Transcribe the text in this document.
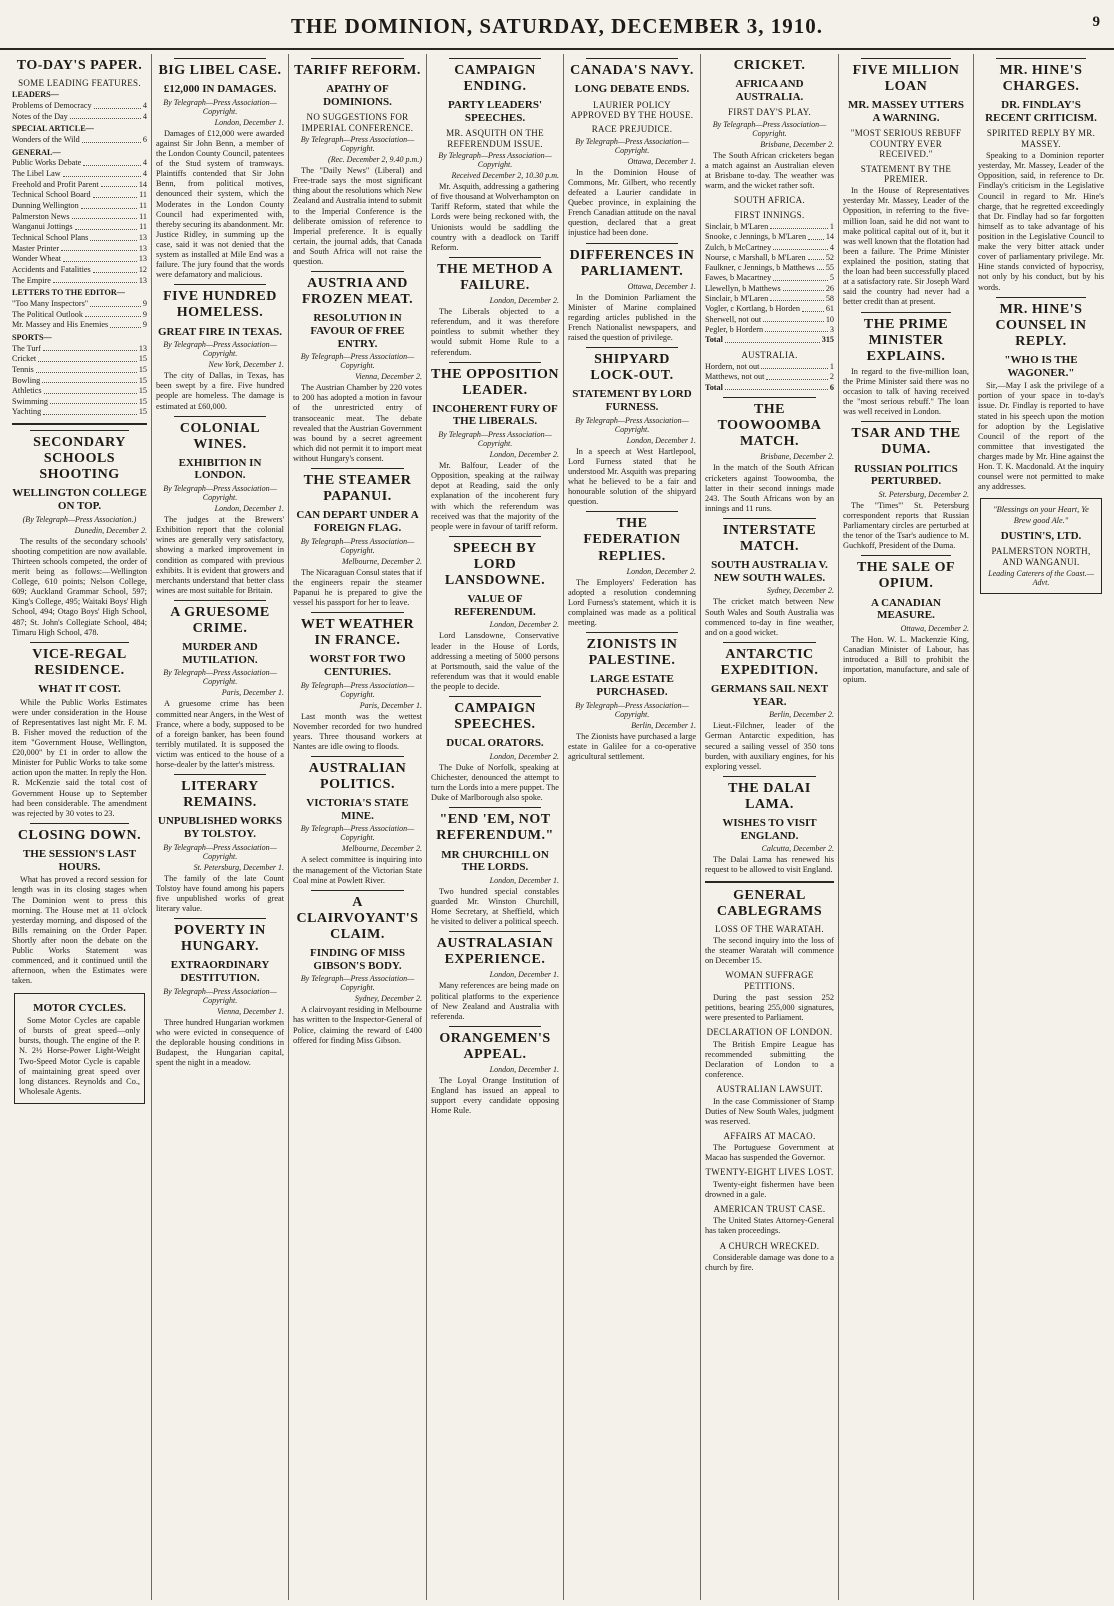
THE DOMINION, SATURDAY, DECEMBER 3, 1910.	9
TO-DAY'S PAPER.
SOME LEADING FEATURES.
LEADERS—
Problems of Democracy	4
Notes of the Day	4
SPECIAL ARTICLE—
Wonders of the Wild	6
GENERAL—
Public Works Debate	4
The Libel Law	4
Freehold and Profit Parent	14
Technical School Board	11
Dunning Wellington	11
Palmerston News	11
Wanganui Jottings	11
Technical School Plans	13
Master Printer	13
Wonder Wheat	13
Accidents and Fatalities	12
The Empire	13
LETTERS TO THE EDITOR—
"Too Many Inspectors"	9
The Political Outlook	9
Mr. Massey and His Enemies	9
SPORTS—
The Turf	13
Cricket	15
Tennis	15
Bowling	15
Athletics	15
Swimming	15
Yachting	15
SECONDARY SCHOOLS SHOOTING
WELLINGTON COLLEGE ON TOP.
(By Telegraph—Press Association.)
Dunedin, December 2.
The results of the secondary schools' shooting competition are now available. Thirteen schools competed, the order of merit being as follows:—Wellington College, 610 points; Nelson College, 609; Auckland Grammar School, 597; King's College, 495; Waitaki Boys' High School, 494; Otago Boys' High School, 487; St. John's Collegiate School, 484; Timaru High School, 478.
VICE-REGAL RESIDENCE.
WHAT IT COST.
While the Public Works Estimates were under consideration in the House of Representatives last night Mr. F. M. B. Fisher moved the reduction of the item "Government House, Wellington, £20,000" by £1 in order to allow the Minister for Public Works to take some action upon the matter. In reply the Hon. R. McKenzie said the total cost of Government House up to September had been considerable. The amendment was rejected by 30 votes to 23.
CLOSING DOWN.
THE SESSION'S LAST HOURS.
What has proved a record session for length was in its closing stages when The Dominion went to press this morning. The House met at 11 o'clock yesterday morning, and disposed of the Bills remaining on the Order Paper. Shortly after noon the debate on the Public Works Statement was commenced, and it continued until the afternoon, when the Estimates were taken.
MOTOR CYCLES.
Some Motor Cycles are capable of bursts of great speed—only bursts, though. The engine of the P. N. 2½ Horse-Power Light-Weight Two-Speed Motor Cycle is capable of maintaining great speed over long distances. Reynolds and Co., Wholesale Agents.
BIG LIBEL CASE.
£12,000 IN DAMAGES.
By Telegraph—Press Association—Copyright.
London, December 1.
Damages of £12,000 were awarded against Sir John Benn, a member of the London County Council, patentees of the Stud system of tramways. Plaintiffs contended that Sir John Benn, from political motives, denounced their system, which the Moderates in the London County Council had experimented with, thereby securing its abandonment. Mr. Justice Ridley, in summing up the case, said it was not denied that the system as installed at Mile End was a failure. The jury found that the words were defamatory and malicious.
FIVE HUNDRED HOMELESS.
GREAT FIRE IN TEXAS.
By Telegraph—Press Association—Copyright.
New York, December 1.
The city of Dallas, in Texas, has been swept by a fire. Five hundred people are homeless. The damage is estimated at £60,000.
COLONIAL WINES.
EXHIBITION IN LONDON.
By Telegraph—Press Association—Copyright.
London, December 1.
The judges at the Brewers' Exhibition report that the colonial wines are generally very satisfactory, showing a marked improvement in condition as compared with previous exhibits. It is evident that growers and merchants understand that better class wines are most suitable for Britain.
A GRUESOME CRIME.
MURDER AND MUTILATION.
By Telegraph—Press Association—Copyright.
Paris, December 1.
A gruesome crime has been committed near Angers, in the West of France, where a body, supposed to be of a foreign banker, has been found terribly mutilated. It is supposed the victim was enticed to the house of a horse-dealer by the latter's mistress.
LITERARY REMAINS.
UNPUBLISHED WORKS BY TOLSTOY.
By Telegraph—Press Association—Copyright.
St. Petersburg, December 1.
The family of the late Count Tolstoy have found among his papers five unpublished works of great literary value.
POVERTY IN HUNGARY.
EXTRAORDINARY DESTITUTION.
By Telegraph—Press Association—Copyright.
Vienna, December 1.
Three hundred Hungarian workmen who were evicted in consequence of the deplorable housing conditions in Budapest, the Hungarian capital, spent the night in a meadow.
TARIFF REFORM.
APATHY OF DOMINIONS.
NO SUGGESTIONS FOR IMPERIAL CONFERENCE.
By Telegraph—Press Association—Copyright.
(Rec. December 2, 9.40 p.m.)
The "Daily News" (Liberal) and Free-trade says the most significant thing about the resolutions which New Zealand and Australia intend to submit to the Imperial Conference is the deliberate omission of reference to Imperial preference. It is equally certain, the journal adds, that Canada and South Africa will not raise the question.
AUSTRIA AND FROZEN MEAT.
RESOLUTION IN FAVOUR OF FREE ENTRY.
By Telegraph—Press Association—Copyright.
Vienna, December 2.
The Austrian Chamber by 220 votes to 200 has adopted a motion in favour of the unrestricted entry of transoceanic meat. The debate revealed that the Austrian Government was bound by a secret agreement which did not permit it to import meat without Hungary's consent.
THE STEAMER PAPANUI.
CAN DEPART UNDER A FOREIGN FLAG.
By Telegraph—Press Association—Copyright.
Melbourne, December 2.
The Nicaraguan Consul states that if the engineers repair the steamer Papanui he is prepared to give the vessel his passport for her to leave.
WET WEATHER IN FRANCE.
WORST FOR TWO CENTURIES.
By Telegraph—Press Association—Copyright.
Paris, December 1.
Last month was the wettest November recorded for two hundred years. Three thousand workers at Nantes are idle owing to floods.
AUSTRALIAN POLITICS.
VICTORIA'S STATE MINE.
By Telegraph—Press Association—Copyright.
Melbourne, December 2.
A select committee is inquiring into the management of the Victorian State Coal mine at Powlett River.
A CLAIRVOYANT'S CLAIM.
FINDING OF MISS GIBSON'S BODY.
By Telegraph—Press Association—Copyright.
Sydney, December 2.
A clairvoyant residing in Melbourne has written to the Inspector-General of Police, claiming the reward of £400 offered for finding Miss Gibson.
CAMPAIGN ENDING.
PARTY LEADERS' SPEECHES.
MR. ASQUITH ON THE REFERENDUM ISSUE.
By Telegraph—Press Association—Copyright.
Received December 2, 10.30 p.m.
Mr. Asquith, addressing a gathering of five thousand at Wolverhampton on Tariff Reform, stated that while the Lords were being reckoned with, the Unionists would be saddling the country with a deadlock on Tariff Reform.
THE METHOD A FAILURE.
London, December 2.
The Liberals objected to a referendum, and it was therefore pointless to submit whether they would submit Home Rule to a referendum.
THE OPPOSITION LEADER.
INCOHERENT FURY OF THE LIBERALS.
By Telegraph—Press Association—Copyright.
London, December 2.
Mr. Balfour, Leader of the Opposition, speaking at the railway depot at Reading, said the only explanation of the incoherent fury with which the referendum was received was that the majority of the people were in favour of tariff reform.
SPEECH BY LORD LANSDOWNE.
VALUE OF REFERENDUM.
London, December 2.
Lord Lansdowne, Conservative leader in the House of Lords, addressing a meeting of 5000 persons at Portsmouth, said the value of the referendum was that it would enable the people to decide.
CAMPAIGN SPEECHES.
DUCAL ORATORS.
London, December 2.
The Duke of Norfolk, speaking at Chichester, denounced the attempt to turn the Lords into a mere puppet. The Duke of Marlborough also spoke.
"END 'EM, NOT REFERENDUM."
MR CHURCHILL ON THE LORDS.
London, December 1.
Two hundred special constables guarded Mr. Winston Churchill, Home Secretary, at Sheffield, which he visited to deliver a political speech.
AUSTRALASIAN EXPERIENCE.
London, December 1.
Many references are being made on political platforms to the experience of New Zealand and Australia with referenda.
ORANGEMEN'S APPEAL.
London, December 1.
The Loyal Orange Institution of England has issued an appeal to support every candidate opposing Home Rule.
CANADA'S NAVY.
LONG DEBATE ENDS.
LAURIER POLICY APPROVED BY THE HOUSE.
RACE PREJUDICE.
By Telegraph—Press Association—Copyright.
Ottawa, December 1.
In the Dominion House of Commons, Mr. Gilbert, who recently defeated a Laurier candidate in Quebec province, in explaining the French Canadian attitude on the naval question, declared that a great injustice had been done.
DIFFERENCES IN PARLIAMENT.
Ottawa, December 1.
In the Dominion Parliament the Minister of Marine complained regarding articles published in the French Nationalist newspapers, and raised the question of privilege.
SHIPYARD LOCK-OUT.
STATEMENT BY LORD FURNESS.
By Telegraph—Press Association—Copyright.
London, December 1.
In a speech at West Hartlepool, Lord Furness stated that he understood Mr. Asquith was preparing what he believed to be a fair and honourable solution of the shipyard question.
THE FEDERATION REPLIES.
London, December 2.
The Employers' Federation has adopted a resolution condemning Lord Furness's statement, which it is complained was made as a political meeting.
ZIONISTS IN PALESTINE.
LARGE ESTATE PURCHASED.
By Telegraph—Press Association—Copyright.
Berlin, December 1.
The Zionists have purchased a large estate in Galilee for a co-operative agricultural settlement.
CRICKET.
AFRICA AND AUSTRALIA.
FIRST DAY'S PLAY.
By Telegraph—Press Association—Copyright.
Brisbane, December 2.
The South African cricketers began a match against an Australian eleven at Brisbane to-day. The weather was warm, and the wicket rather soft.
SOUTH AFRICA.
FIRST INNINGS.
Sinclair, b M'Laren	1
Snooke, c Jennings, b M'Laren 14
Zulch, b McCartney	4
Nourse, c Marshall, b M'Laren 52
Faulkner, c Jennings, b Matthews 55
Fawes, b Macartney	5
Llewellyn, b Matthews	26
Sinclair, b M'Laren	58
Vogler, c Kortlang, b Horden	61
Sherwell, not out	10
Pegler, b Hordern	3
Total	315
AUSTRALIA.
Hordern, not out	1
Matthews, not out	2
Total	6
THE TOOWOOMBA MATCH.
Brisbane, December 2.
In the match of the South African cricketers against Toowoomba, the latter in their second innings made 243. The South Africans won by an innings and 11 runs.
INTERSTATE MATCH.
SOUTH AUSTRALIA V. NEW SOUTH WALES.
Sydney, December 2.
The cricket match between New South Wales and South Australia was commenced to-day in fine weather, and on a good wicket.
ANTARCTIC EXPEDITION.
GERMANS SAIL NEXT YEAR.
Berlin, December 2.
Lieut.-Filchner, leader of the German Antarctic expedition, has secured a sailing vessel of 350 tons burden, with auxiliary engines, for his exploring vessel.
THE DALAI LAMA.
WISHES TO VISIT ENGLAND.
Calcutta, December 2.
The Dalai Lama has renewed his request to be allowed to visit England.
GENERAL CABLEGRAMS
LOSS OF THE WARATAH.
The second inquiry into the loss of the steamer Waratah will commence on December 15.
WOMAN SUFFRAGE PETITIONS.
During the past session 252 petitions, bearing 255,000 signatures, were presented to Parliament.
DECLARATION OF LONDON.
The British Empire League has recommended submitting the Declaration of London to a conference.
AUSTRALIAN LAWSUIT.
In the case Commissioner of Stamp Duties of New South Wales, judgment was reserved.
AFFAIRS AT MACAO.
The Portuguese Government at Macao has suspended the Governor.
TWENTY-EIGHT LIVES LOST.
Twenty-eight fishermen have been drowned in a gale.
AMERICAN TRUST CASE.
The United States Attorney-General has taken proceedings.
A CHURCH WRECKED.
Considerable damage was done to a church by fire.
FIVE MILLION LOAN
MR. MASSEY UTTERS A WARNING.
"MOST SERIOUS REBUFF COUNTRY EVER RECEIVED."
STATEMENT BY THE PREMIER.
In the House of Representatives yesterday Mr. Massey, Leader of the Opposition, in referring to the five-million loan, said he did not want to make political capital out of it, but it was well known that the flotation had been a failure. The Prime Minister explained the position, stating that the loan had been successfully placed at a satisfactory rate. Sir Joseph Ward said the country had never had a better credit than at present.
THE PRIME MINISTER EXPLAINS.
In regard to the five-million loan, the Prime Minister said there was no occasion to talk of having received the "most serious rebuff." The loan was well received in London.
TSAR AND THE DUMA.
RUSSIAN POLITICS PERTURBED.
St. Petersburg, December 2.
The "Times'" St. Petersburg correspondent reports that Russian Parliamentary circles are perturbed at the tenor of the Tsar's audience to M. Guchkoff, President of the Duma.
THE SALE OF OPIUM.
A CANADIAN MEASURE.
Ottawa, December 2.
The Hon. W. L. Mackenzie King, Canadian Minister of Labour, has introduced a Bill to prohibit the importation, manufacture, and sale of opium.
MR. HINE'S CHARGES.
DR. FINDLAY'S RECENT CRITICISM.
SPIRITED REPLY BY MR. MASSEY.
Speaking to a Dominion reporter yesterday, Mr. Massey, Leader of the Opposition, said, in reference to Dr. Findlay's criticism in the Legislative Council in regard to Mr. Hine's charge, that he regretted exceedingly that Dr. Findlay had so far forgotten himself as to take advantage of his position in the Legislative Council to make the very bitter attack under cover of parliamentary privilege. Mr. Hine stands convicted of hypocrisy, not only by his conduct, but by his words.
MR. HINE'S COUNSEL IN REPLY.
"WHO IS THE WAGONER."
Sir,—May I ask the privilege of a portion of your space in to-day's issue. Dr. Findlay is reported to have stated in his speech upon the motion for adoption by the Legislative Council of the report of the committee that investigated the charges made by Mr. Hine against the Hon. T. K. Macdonald. At the inquiry counsel were not permitted to make any addresses.
"Blessings on your Heart, Ye Brew good Ale."
DUSTIN'S, LTD.
PALMERSTON NORTH, AND WANGANUI.
Leading Caterers of the Coast.—Advt.
